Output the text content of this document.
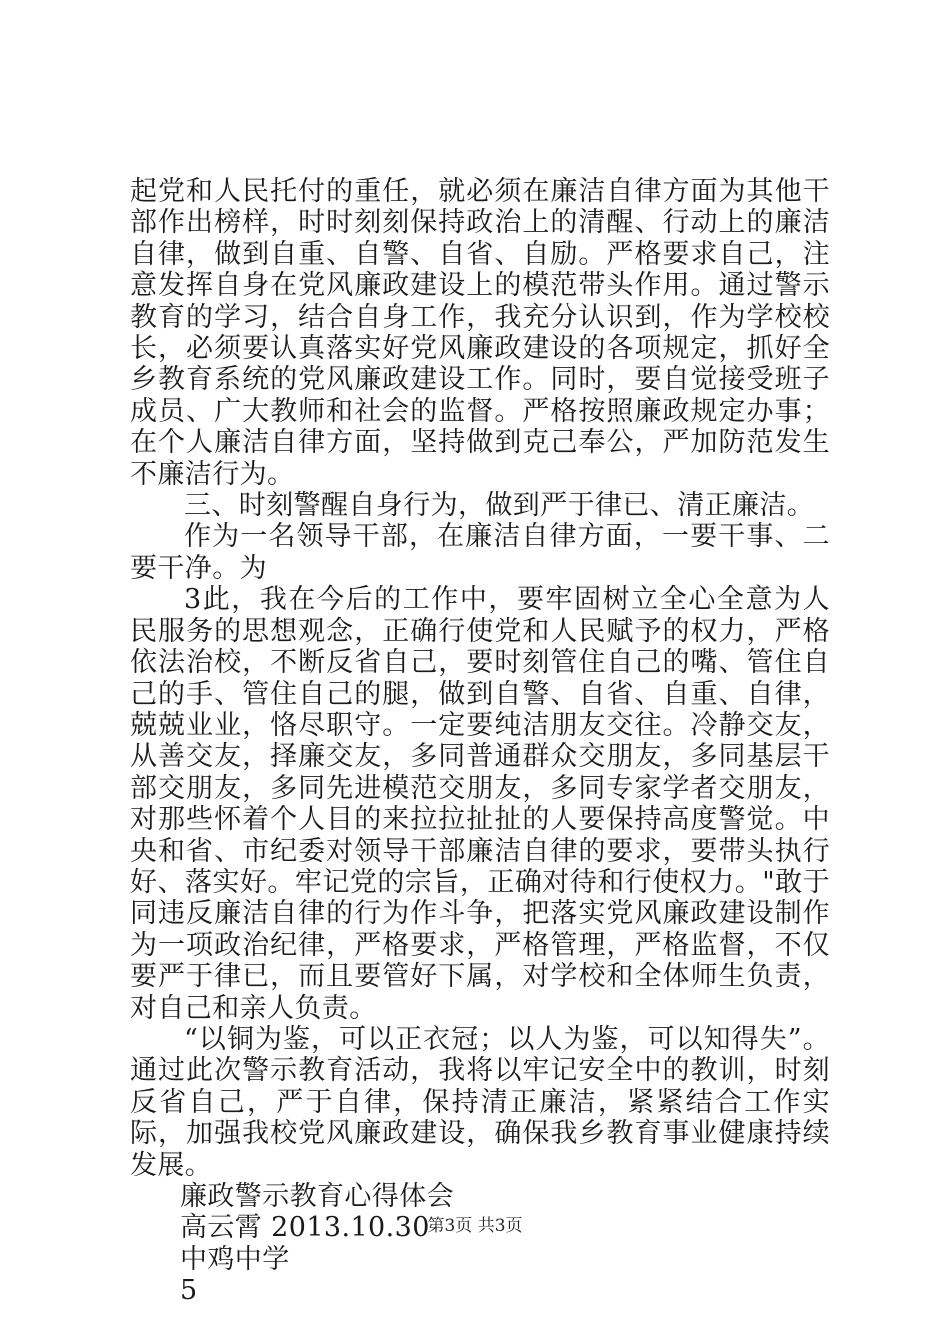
起党和人民托付的重任，就必须在廉洁自律方面为其他干部作出榜样，时时刻刻保持政治上的清醒、行动上的廉洁自律，做到自重、自警、自省、自励。严格要求自己，注意发挥自身在党风廉政建设上的模范带头作用。通过警示教育的学习，结合自身工作，我充分认识到，作为学校校长，必须要认真落实好党风廉政建设的各项规定，抓好全乡教育系统的党风廉政建设工作。同时，要自觉接受班子成员、广大教师和社会的监督。严格按照廉政规定办事；在个人廉洁自律方面，坚持做到克己奉公，严加防范发生不廉洁行为。

三、时刻警醒自身行为，做到严于律已、清正廉洁。

作为一名领导干部，在廉洁自律方面，一要干事、二要干净。为

3此，我在今后的工作中，要牢固树立全心全意为人民服务的思想观念，正确行使党和人民赋予的权力，严格依法治校，不断反省自己，要时刻管住自己的嘴、管住自己的手、管住自己的腿，做到自警、自省、自重、自律，兢兢业业，恪尽职守。一定要纯洁朋友交往。冷静交友，从善交友，择廉交友，多同普通群众交朋友，多同基层干部交朋友，多同先进模范交朋友，多同专家学者交朋友，对那些怀着个人目的来拉拉扯扯的人要保持高度警觉。中央和省、市纪委对领导干部廉洁自律的要求，要带头执行好、落实好。牢记党的宗旨，正确对待和行使权力。"敢于同违反廉洁自律的行为作斗争，把落实党风廉政建设制作为一项政治纪律，严格要求，严格管理，严格监督，不仅要严于律已，而且要管好下属，对学校和全体师生负责，对自己和亲人负责。

“以铜为鉴，可以正衣冠；以人为鉴，可以知得失”。通过此次警示教育活动，我将以牢记安全中的教训，时刻反省自己，严于自律，保持清正廉洁，紧紧结合工作实际，加强我校党风廉政建设，确保我乡教育事业健康持续发展。

廉政警示教育心得体会

高云霄 2013.10.30

中鸡中学

5

第3页 共3页
